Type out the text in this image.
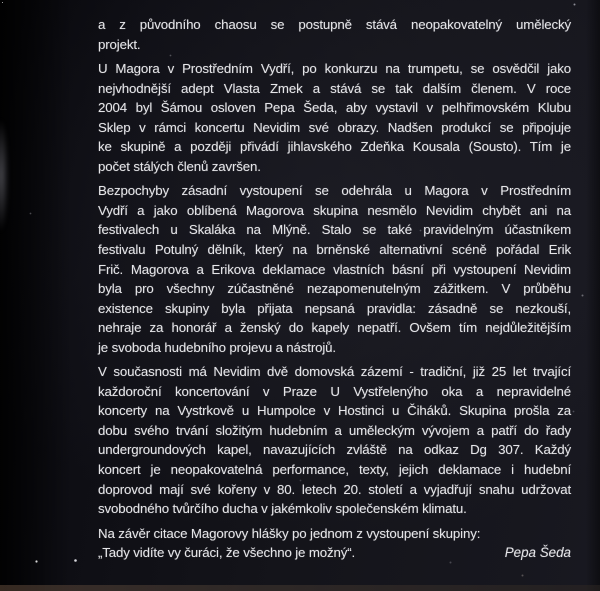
a z původního chaosu se postupně stává neopakovatelný umělecký
projekt.
U Magora v Prostředním Vydří, po konkurzu na trumpetu, se osvědčil jako
nejvhodnější adept Vlasta Zmek a stává se tak dalším členem. V roce
2004 byl Šámou osloven Pepa Šeda, aby vystavil v pelhřimovském Klubu
Sklep v rámci koncertu Nevidim své obrazy. Nadšen produkcí se připojuje
ke skupině a později přivádí jihlavského Zdeňka Kousala (Sousto). Tím je
počet stálých členů završen.
Bezpochyby zásadní vystoupení se odehrála u Magora v Prostředním
Vydří a jako oblíbená Magorova skupina nesmělo Nevidim chybět ani na
festivalech u Skaláka na Mlýně. Stalo se také pravidelným účastníkem
festivalu Potulný dělník, který na brněnské alternativní scéně pořádal Erik
Frič. Magorova a Erikova deklamace vlastních básní při vystoupení Nevidim
byla pro všechny zúčastněné nezapomenutelným zážitkem. V průběhu
existence skupiny byla přijata nepsaná pravidla: zásadně se nezkouší,
nehraje za honorář a ženský do kapely nepatří. Ovšem tím nejdůležitějším
je svoboda hudebního projevu a nástrojů.
V současnosti má Nevidim dvě domovská zázemí - tradiční, již 25 let trvající
každoroční koncertování v Praze U Vystřelenýho oka a nepravidelné
koncerty na Vystrkově u Humpolce v Hostinci u Čiháků. Skupina prošla za
dobu svého trvání složitým hudebním a uměleckým vývojem a patří do řady
undergroundových kapel, navazujících zvláště na odkaz Dg 307. Každý
koncert je neopakovatelná performance, texty, jejich deklamace i hudební
doprovod mají své kořeny v 80. letech 20. století a vyjadřují snahu udržovat
svobodného tvůrčího ducha v jakémkoliv společenském klimatu.
Na závěr citace Magorovy hlášky po jednom z vystoupení skupiny:
„Tady vidíte vy čuráci, že všechno je možný“.	Pepa Šeda
